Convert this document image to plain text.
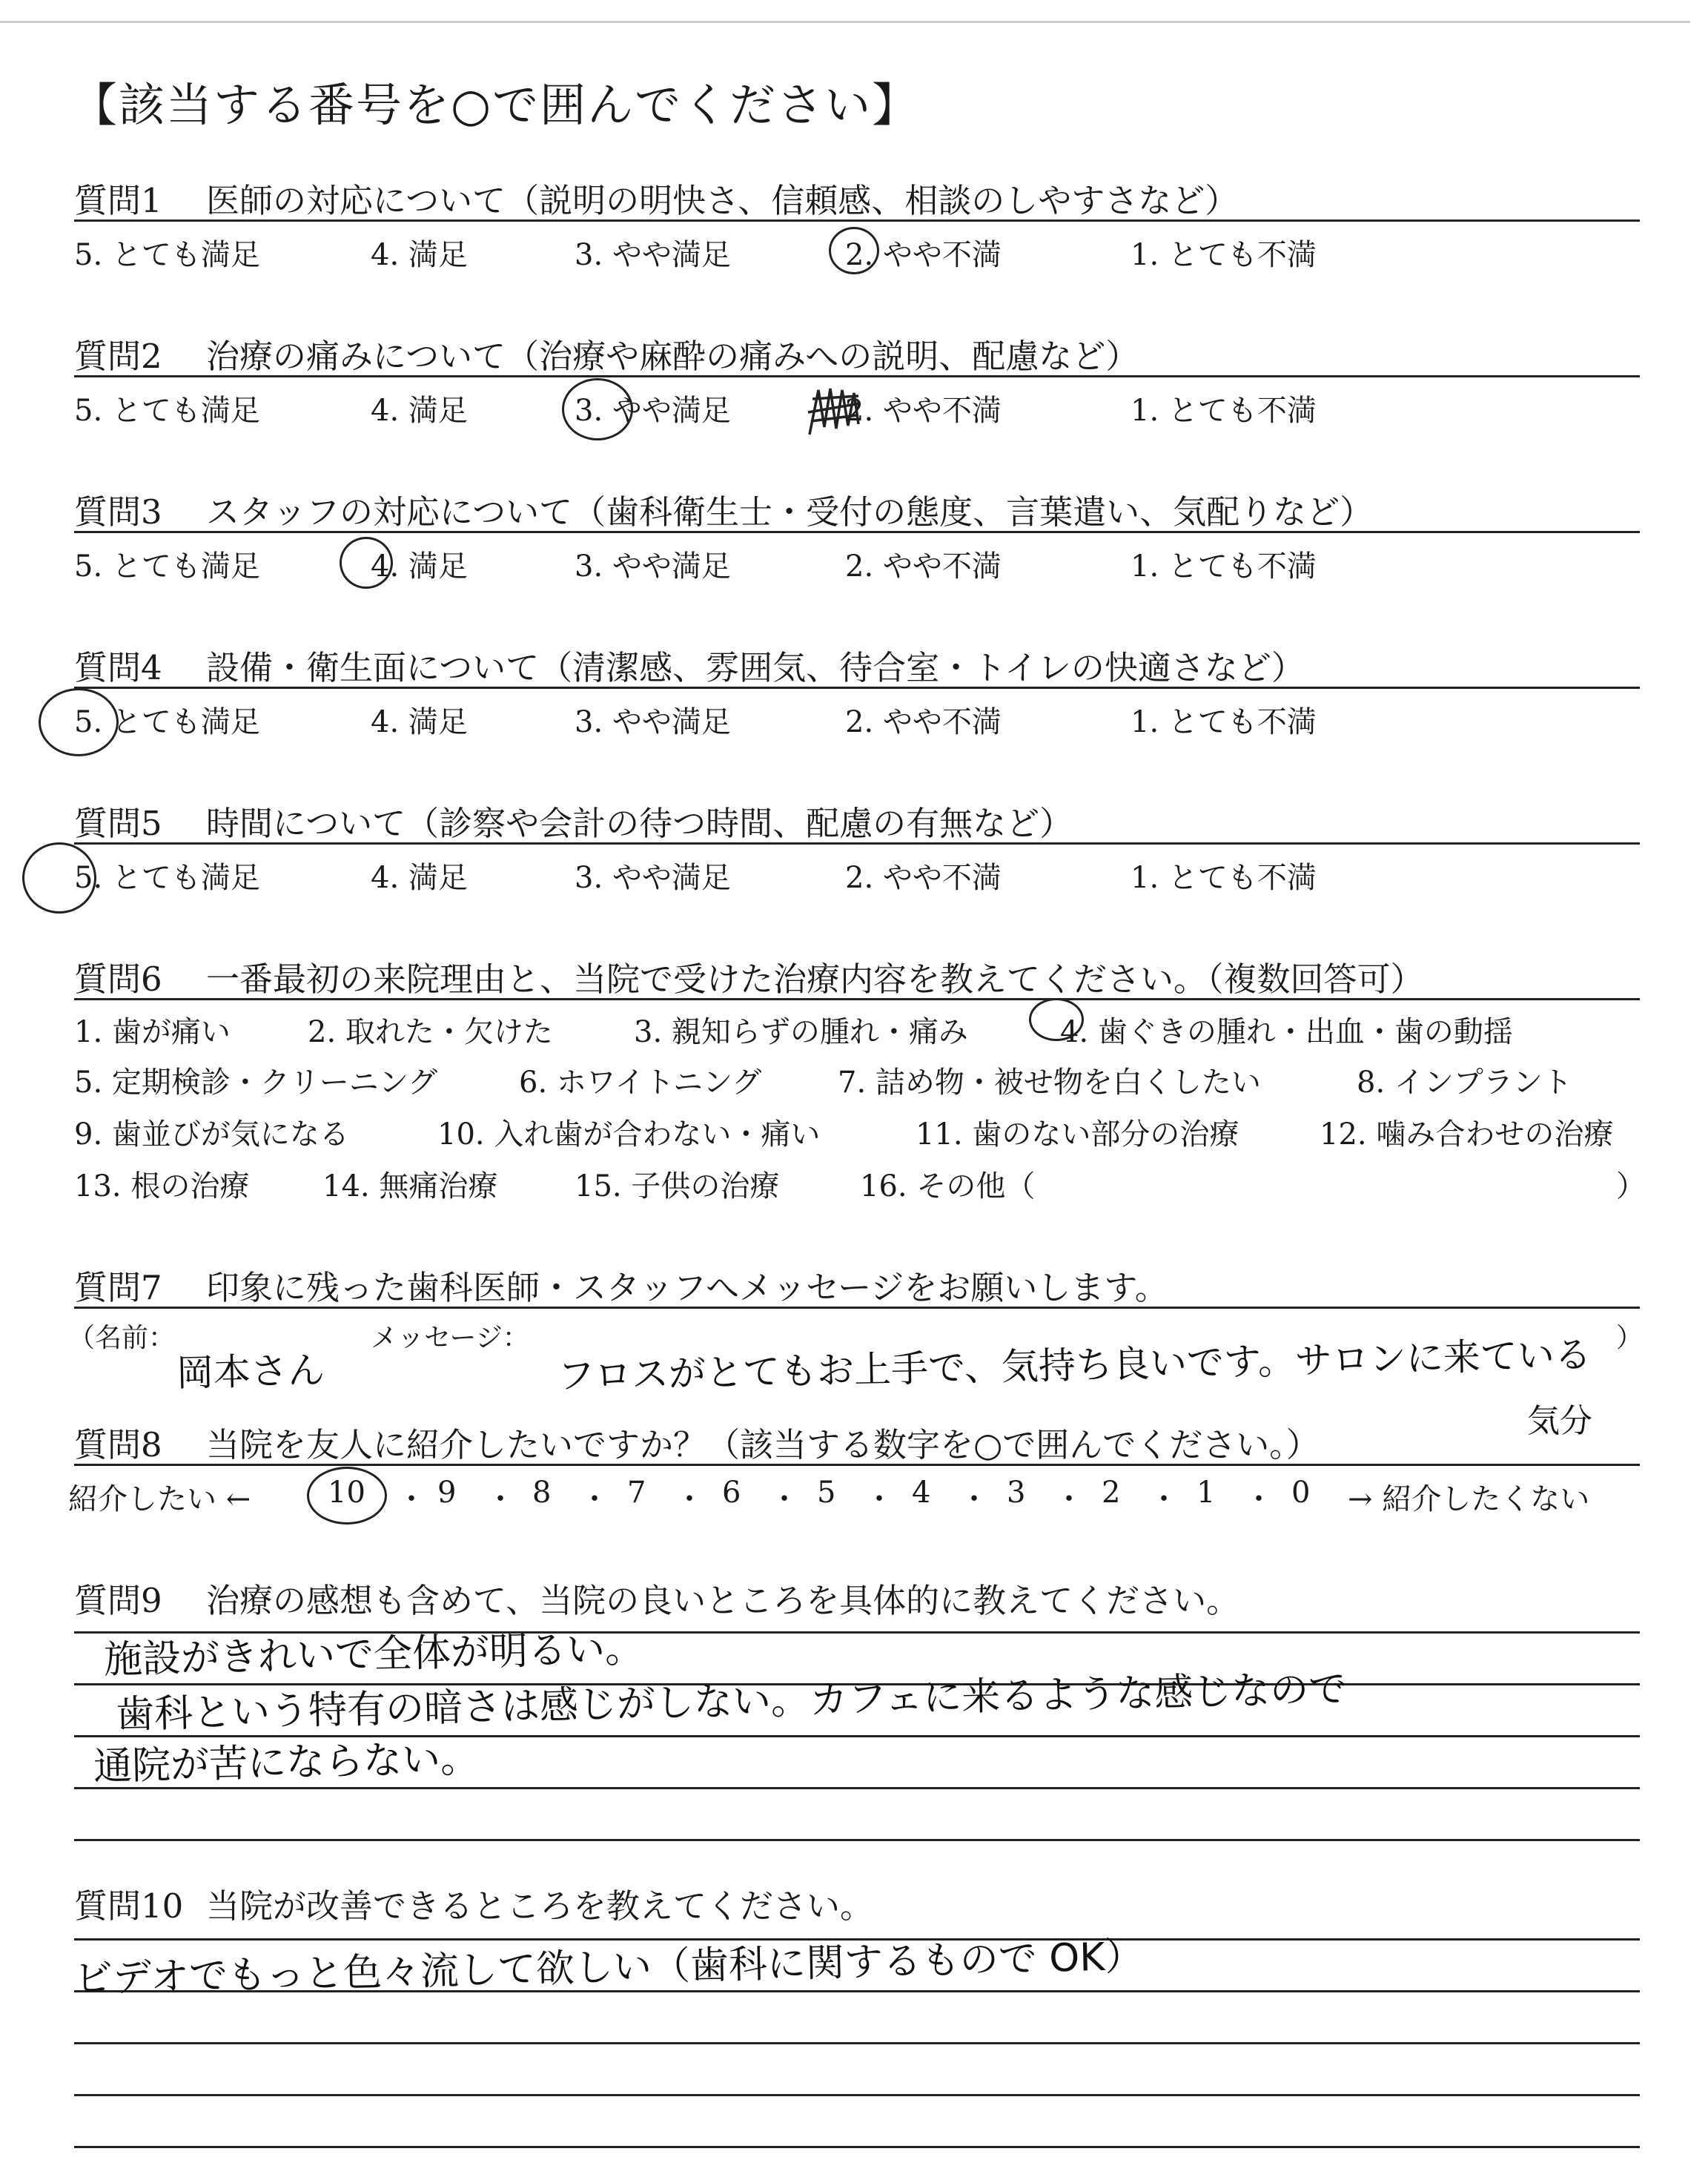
【該当する番号を○で囲んでください】
質問1 医師の対応について（説明の明快さ、信頼感、相談のしやすさなど）
5. とても満足	4. 満足	3. やや満足	2. やや不満	1. とても不満
質問2 治療の痛みについて（治療や麻酔の痛みへの説明、配慮など）
5. とても満足	4. 満足	3. やや満足	2. やや不満	1. とても不満
質問3 スタッフの対応について（歯科衛生士・受付の態度、言葉遣い、気配りなど）
5. とても満足	4. 満足	3. やや満足	2. やや不満	1. とても不満
質問4 設備・衛生面について（清潔感、雰囲気、待合室・トイレの快適さなど）
5. とても満足	4. 満足	3. やや満足	2. やや不満	1. とても不満
質問5 時間について（診察や会計の待つ時間、配慮の有無など）
5. とても満足	4. 満足	3. やや満足	2. やや不満	1. とても不満
質問6 一番最初の来院理由と、当院で受けた治療内容を教えてください。（複数回答可）
1. 歯が痛い	2. 取れた・欠けた	3. 親知らずの腫れ・痛み	4. 歯ぐきの腫れ・出血・歯の動揺
5. 定期検診・クリーニング	6. ホワイトニング	7. 詰め物・被せ物を白くしたい	8. インプラント
9. 歯並びが気になる	10. 入れ歯が合わない・痛い	11. 歯のない部分の治療	12. 噛み合わせの治療
13. 根の治療 14. 無痛治療	15. 子供の治療	16. その他（	）
質問7 印象に残った歯科医師・スタッフへメッセージをお願いします。
（名前：	メッセージ：	）
岡本さん	フロスがとてもお上手で、気持ち良いです。サロンに来ている
気分
質問8 当院を友人に紹介したいですか？（該当する数字を○で囲んでください。）
紹介したい ←	10 ・ 9 ・ 8 ・ 7 ・ 6 ・ 5 ・ 4 ・ 3 ・ 2 ・ 1 ・ 0 → 紹介したくない
質問9 治療の感想も含めて、当院の良いところを具体的に教えてください。
施設がきれいで全体が明るい。
歯科という特有の暗さは感じがしない。カフェに来るような感じなので
通院が苦にならない。
質問10 当院が改善できるところを教えてください。
ビデオでもっと色々流して欲しい（歯科に関するもので OK）
